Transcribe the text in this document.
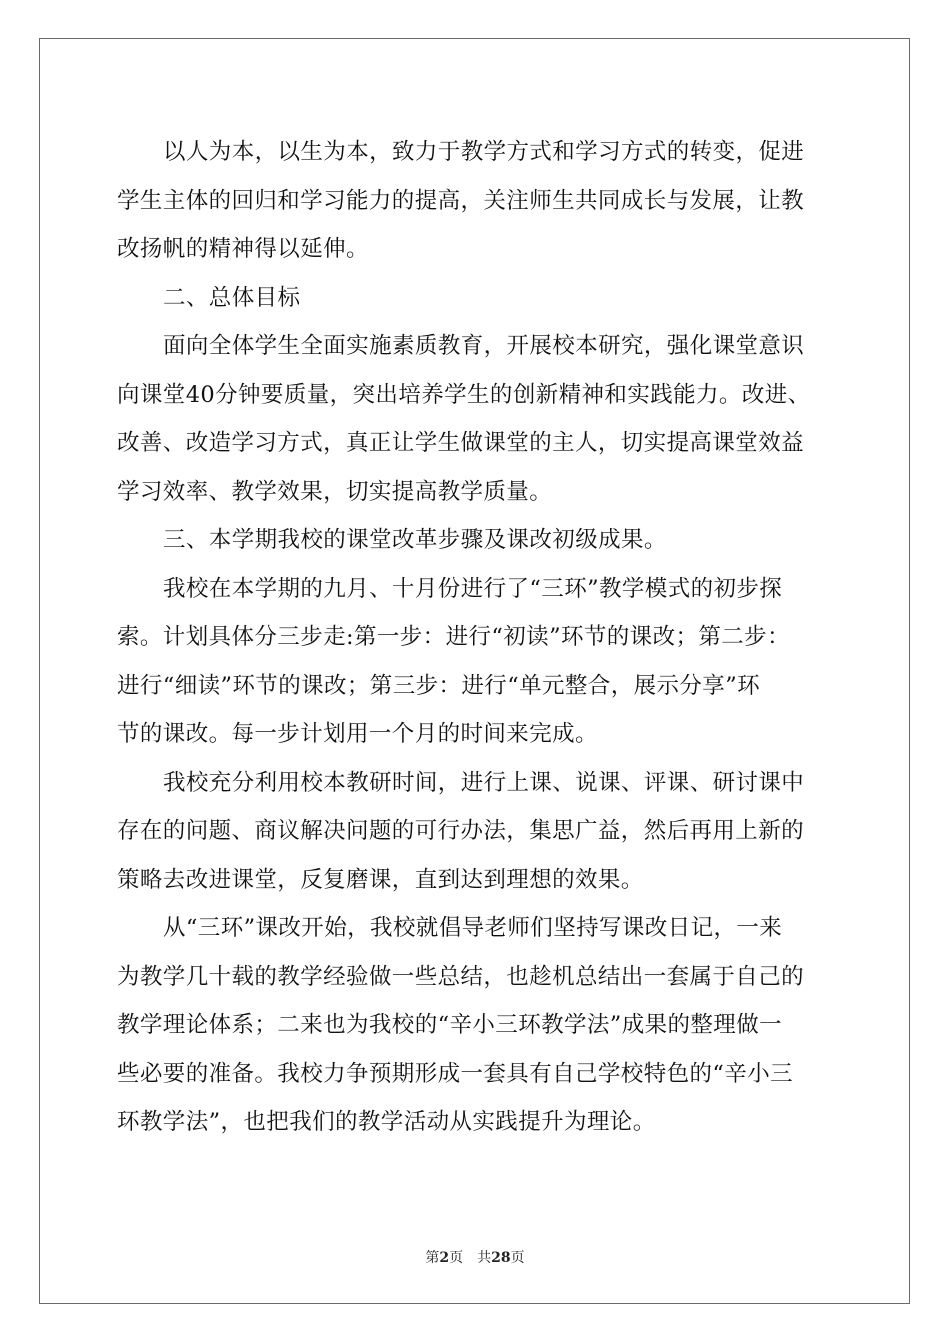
以人为本，以生为本，致力于教学方式和学习方式的转变，促进
学生主体的回归和学习能力的提高，关注师生共同成长与发展，让教
改扬帆的精神得以延伸。
二、总体目标
面向全体学生全面实施素质教育，开展校本研究，强化课堂意识
向课堂40分钟要质量，突出培养学生的创新精神和实践能力。改进、
改善、改造学习方式，真正让学生做课堂的主人，切实提高课堂效益
学习效率、教学效果，切实提高教学质量。
三、本学期我校的课堂改革步骤及课改初级成果。
我校在本学期的九月、十月份进行了“三环”教学模式的初步探
索。计划具体分三步走:第一步：进行“初读”环节的课改；第二步：
进行“细读”环节的课改；第三步：进行“单元整合，展示分享”环
节的课改。每一步计划用一个月的时间来完成。
我校充分利用校本教研时间，进行上课、说课、评课、研讨课中
存在的问题、商议解决问题的可行办法，集思广益，然后再用上新的
策略去改进课堂，反复磨课，直到达到理想的效果。
从“三环”课改开始，我校就倡导老师们坚持写课改日记，一来
为教学几十载的教学经验做一些总结，也趁机总结出一套属于自己的
教学理论体系；二来也为我校的“辛小三环教学法”成果的整理做一
些必要的准备。我校力争预期形成一套具有自己学校特色的“辛小三
环教学法”，也把我们的教学活动从实践提升为理论。
第2页 共28页
